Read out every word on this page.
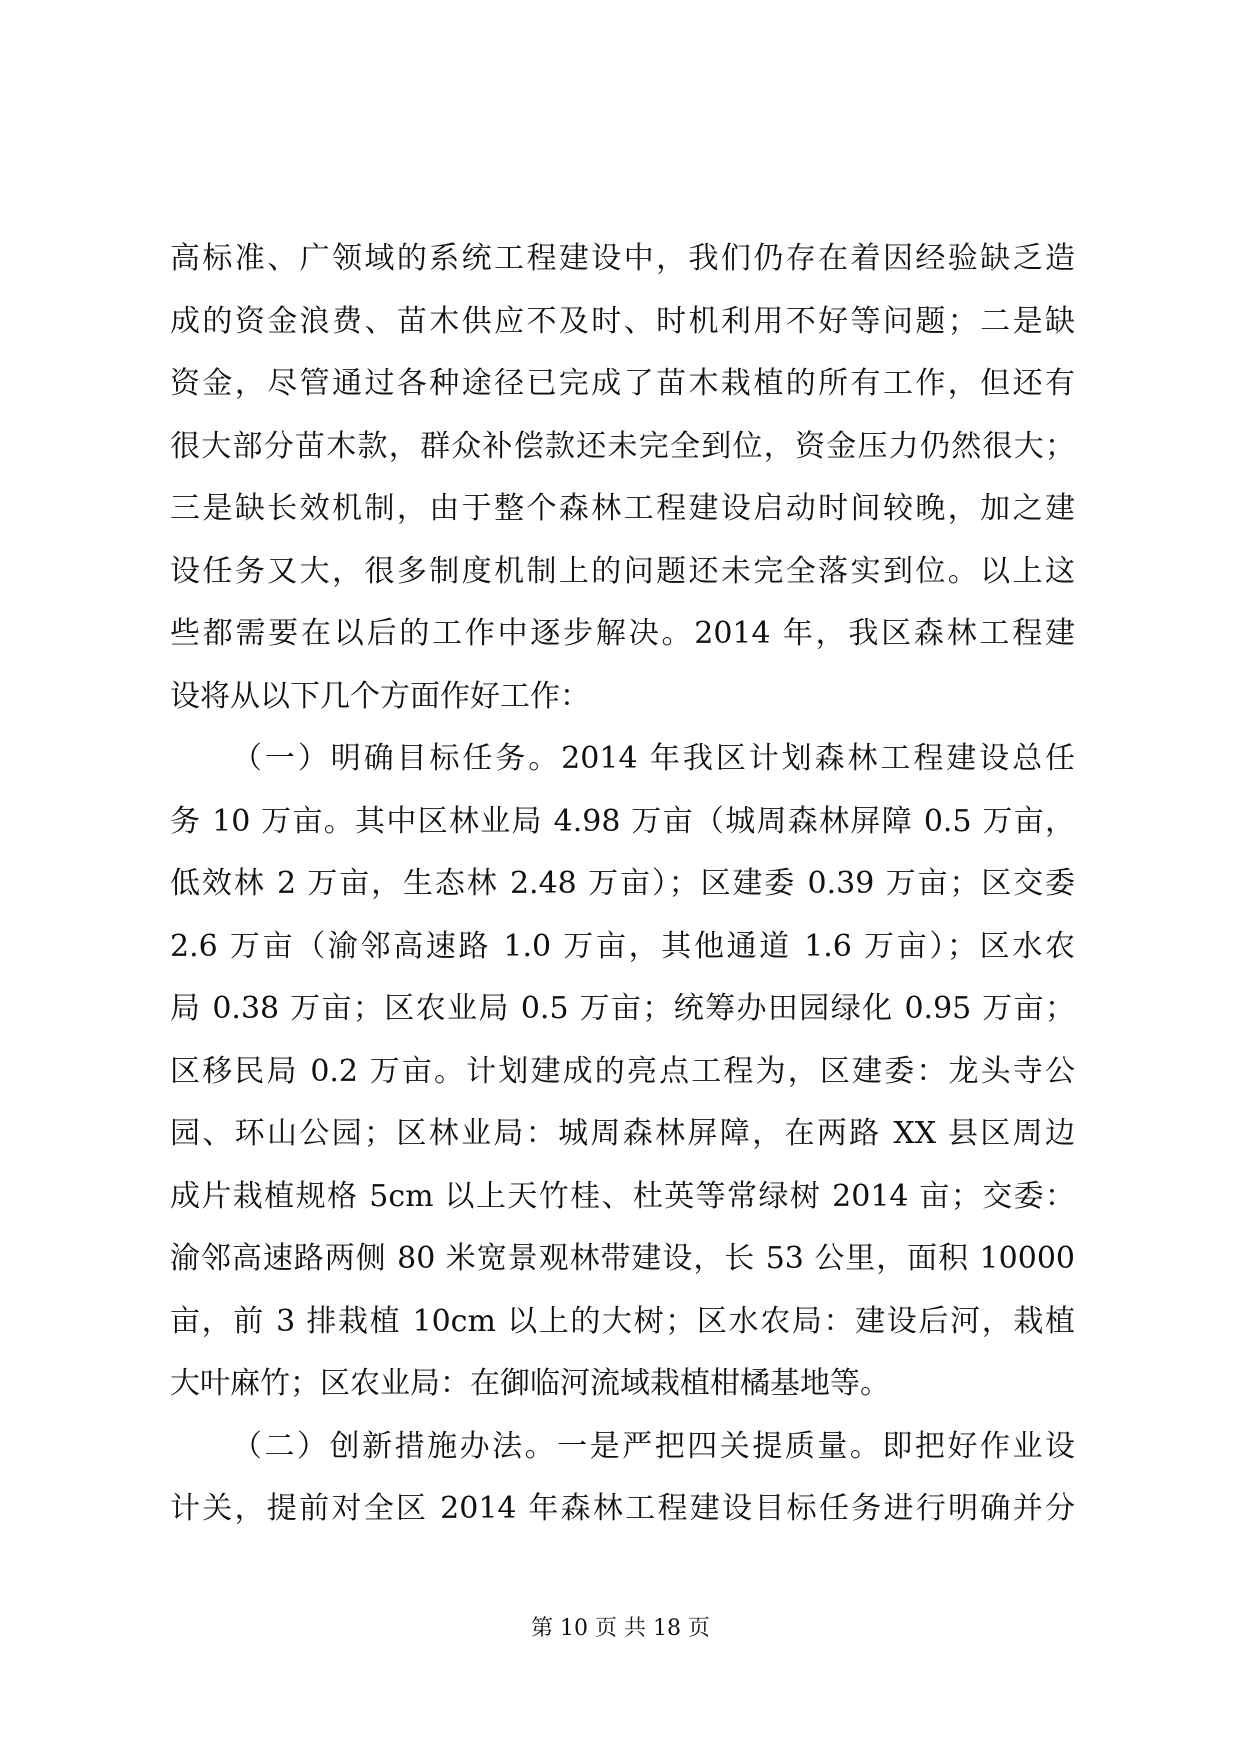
高标准、广领域的系统工程建设中，我们仍存在着因经验缺乏造
成的资金浪费、苗木供应不及时、时机利用不好等问题；二是缺
资金，尽管通过各种途径已完成了苗木栽植的所有工作，但还有
很大部分苗木款，群众补偿款还未完全到位，资金压力仍然很大；
三是缺长效机制，由于整个森林工程建设启动时间较晚，加之建
设任务又大，很多制度机制上的问题还未完全落实到位。以上这
些都需要在以后的工作中逐步解决。2014 年，我区森林工程建
设将从以下几个方面作好工作：
（一）明确目标任务。2014 年我区计划森林工程建设总任
务 10 万亩。其中区林业局 4.98 万亩（城周森林屏障 0.5 万亩，
低效林 2 万亩，生态林 2.48 万亩）；区建委 0.39 万亩；区交委
2.6 万亩（渝邻高速路 1.0 万亩，其他通道 1.6 万亩）；区水农
局 0.38 万亩；区农业局 0.5 万亩；统筹办田园绿化 0.95 万亩；
区移民局 0.2 万亩。计划建成的亮点工程为，区建委：龙头寺公
园、环山公园；区林业局：城周森林屏障，在两路 XX 县区周边
成片栽植规格 5cm 以上天竹桂、杜英等常绿树 2014 亩；交委：
渝邻高速路两侧 80 米宽景观林带建设，长 53 公里，面积 10000
亩，前 3 排栽植 10cm 以上的大树；区水农局：建设后河，栽植
大叶麻竹；区农业局：在御临河流域栽植柑橘基地等。
（二）创新措施办法。一是严把四关提质量。即把好作业设
计关，提前对全区 2014 年森林工程建设目标任务进行明确并分
第 10 页 共 18 页
